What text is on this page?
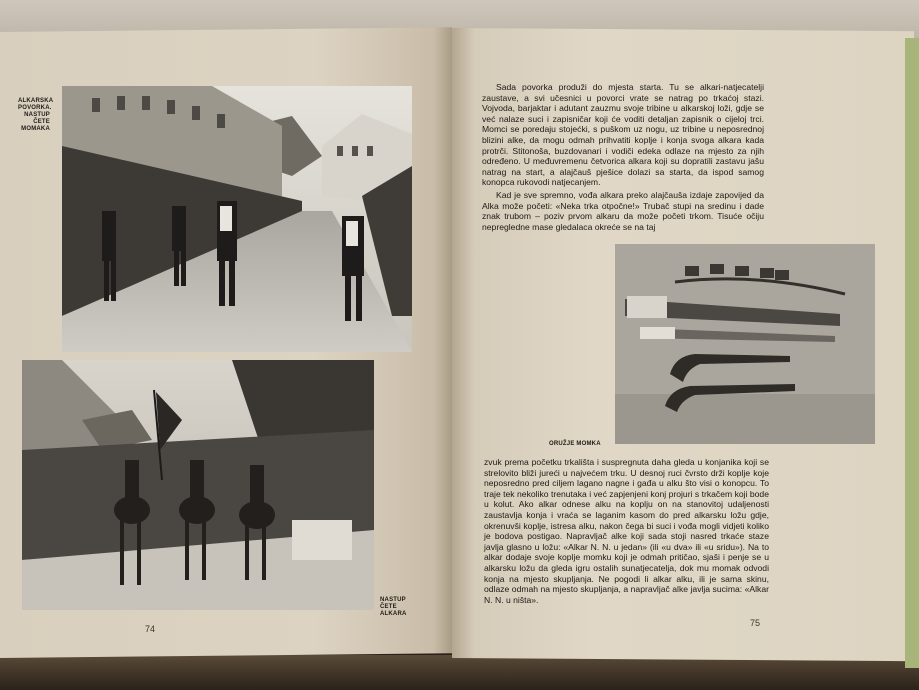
ALKARSKA
POVORKA.
NASTUP
ČETE
MOMAKA
NASTUP
ČETE
ALKARA
74

Sada povorka produži do mjesta starta. Tu se alkari-natjecatelji zaustave, a svi učesnici u povorci vrate se natrag po trkaćoj stazi. Vojvoda, barjaktar i adutant zauzmu svoje tribine u alkarskoj loži, gdje se već nalaze suci i zapisničar koji će voditi detaljan zapisnik o cijeloj trci. Momci se poredaju stojećki, s puškom uz nogu, uz tribine u neposrednoj blizini alke, da mogu odmah prihvatiti koplje i konja svoga alkara kada protrči. Stitonoša, buzdovanari i vodiči edeka odlaze na mjesto za njih određeno. U međuvremenu četvorica alkara koji su dopratili zastavu jašu natrag na start, a alajčauš pješice dolazi sa starta, da ispod samog konopca rukovodi natjecanjem.

Kad je sve spremno, vođa alkara preko alajčauša izdaje zapovijed da Alka može početi: «Neka trka otpočne!» Trubač stupi na sredinu i dade znak trubom – poziv prvom alkaru da može početi trkom. Tisuće očiju nepregledne mase gledalaca okreće se na taj

ORUŽJE MOMKA

zvuk prema početku trkališta i suspregnuta daha gleda u konjanika koji se strelovito bliži jureći u najvećem trku. U desnoj ruci čvrsto drži koplje koje neposredno pred ciljem lagano nagne i gađa u alku što visi o konopcu. To traje tek nekoliko trenutaka i već zapjenjeni konj projuri s trkačem koji bode u kolut. Ako alkar odnese alku na koplju on na stanovitoj udaljenosti zaustavlja konja i vraća se laganim kasom do pred alkarsku ložu gdje, okrenuvši koplje, istresa alku, nakon čega bi suci i vođa mogli vidjeti koliko je bodova postigao. Napravljač alke koji sada stoji nasred trkaće staze javlja glasno u ložu: «Alkar N. N. u jedan» (ili «u dva» ili «u sridu»). Na to alkar dodaje svoje koplje momku koji je odmah pritičao, sjaši i penje se u alkarsku ložu da gleda igru ostalih sunatjecatelja, dok mu momak odvodi konja na mjesto skupljanja. Ne pogodi li alkar alku, ili je sama skinu, odlaze odmah na mjesto skupljanja, a napravljač alke javlja sucima: «Alkar N. N. u ništa».

75
